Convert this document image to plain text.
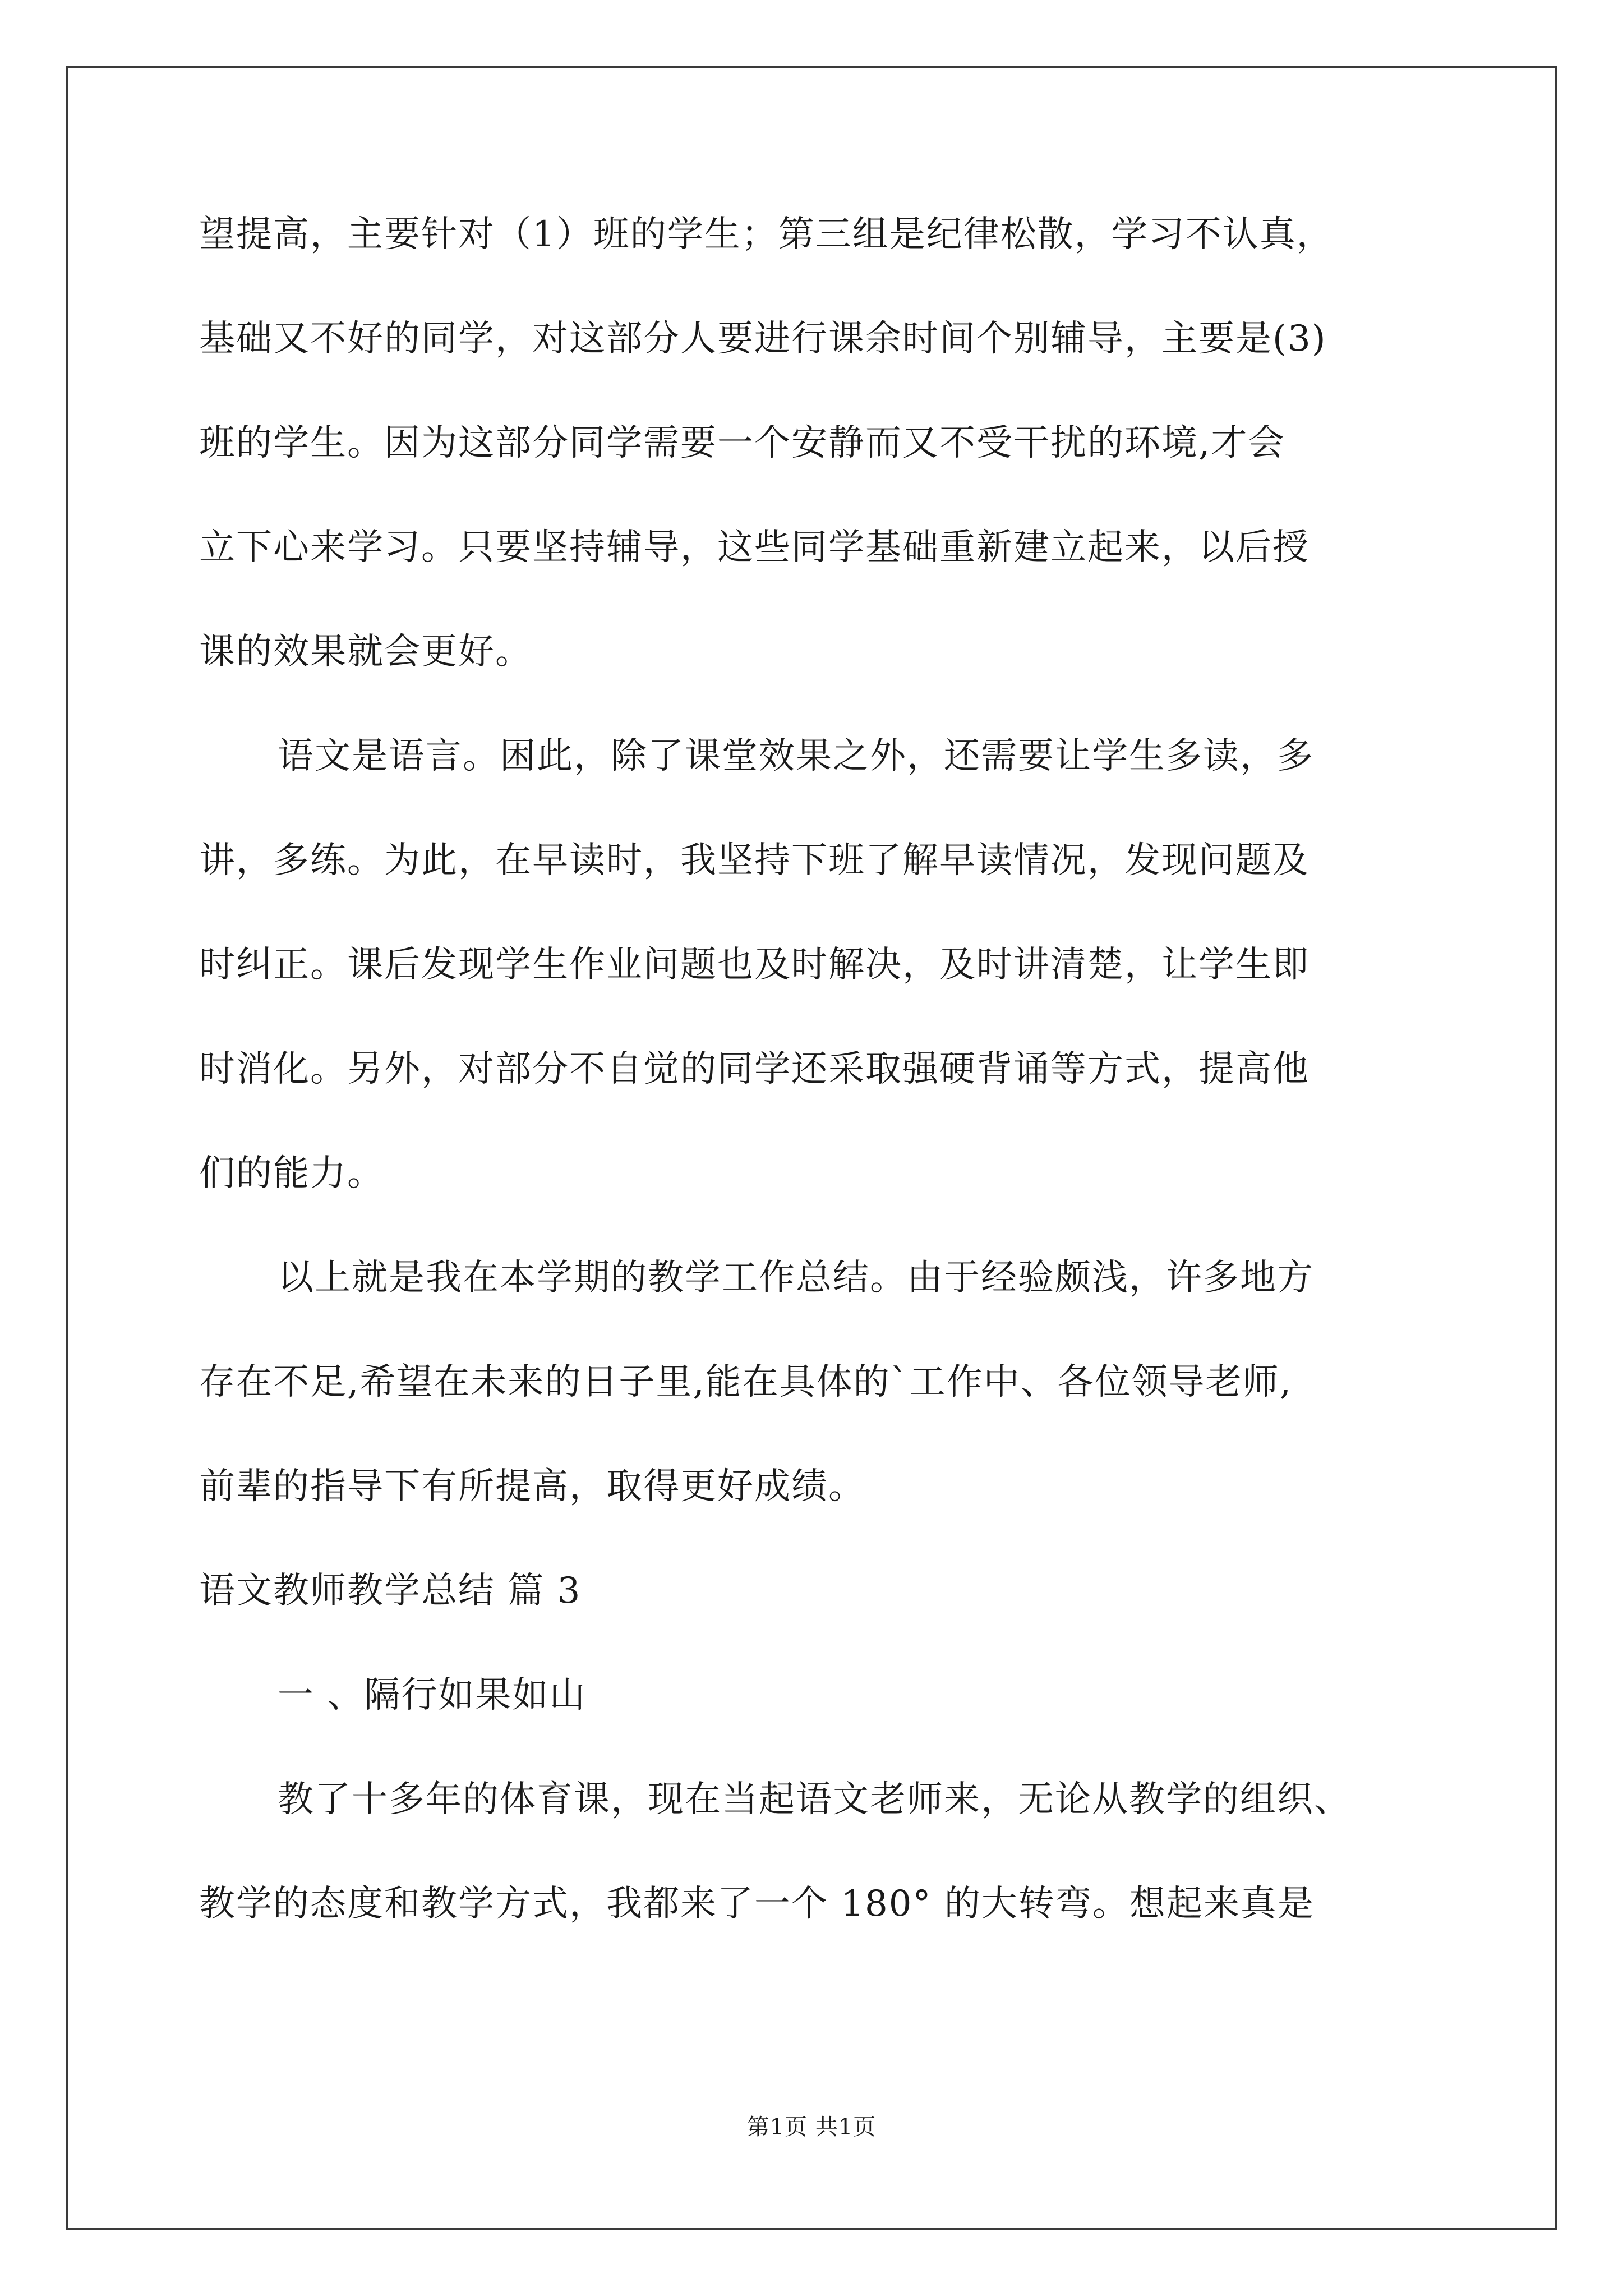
望提高，主要针对（1）班的学生；第三组是纪律松散，学习不认真，
基础又不好的同学，对这部分人要进行课余时间个别辅导，主要是(3)
班的学生。因为这部分同学需要一个安静而又不受干扰的环境,才会
立下心来学习。只要坚持辅导，这些同学基础重新建立起来，以后授
课的效果就会更好。
语文是语言。困此，除了课堂效果之外，还需要让学生多读，多
讲，多练。为此，在早读时，我坚持下班了解早读情况，发现问题及
时纠正。课后发现学生作业问题也及时解决，及时讲清楚，让学生即
时消化。另外，对部分不自觉的同学还采取强硬背诵等方式，提高他
们的能力。
以上就是我在本学期的教学工作总结。由于经验颇浅，许多地方
存在不足,希望在未来的日子里,能在具体的`工作中、各位领导老师,
前辈的指导下有所提高，取得更好成绩。
语文教师教学总结 篇 3
一 、隔行如果如山
教了十多年的体育课，现在当起语文老师来，无论从教学的组织、
教学的态度和教学方式，我都来了一个 180° 的大转弯。想起来真是
第1页 共1页
